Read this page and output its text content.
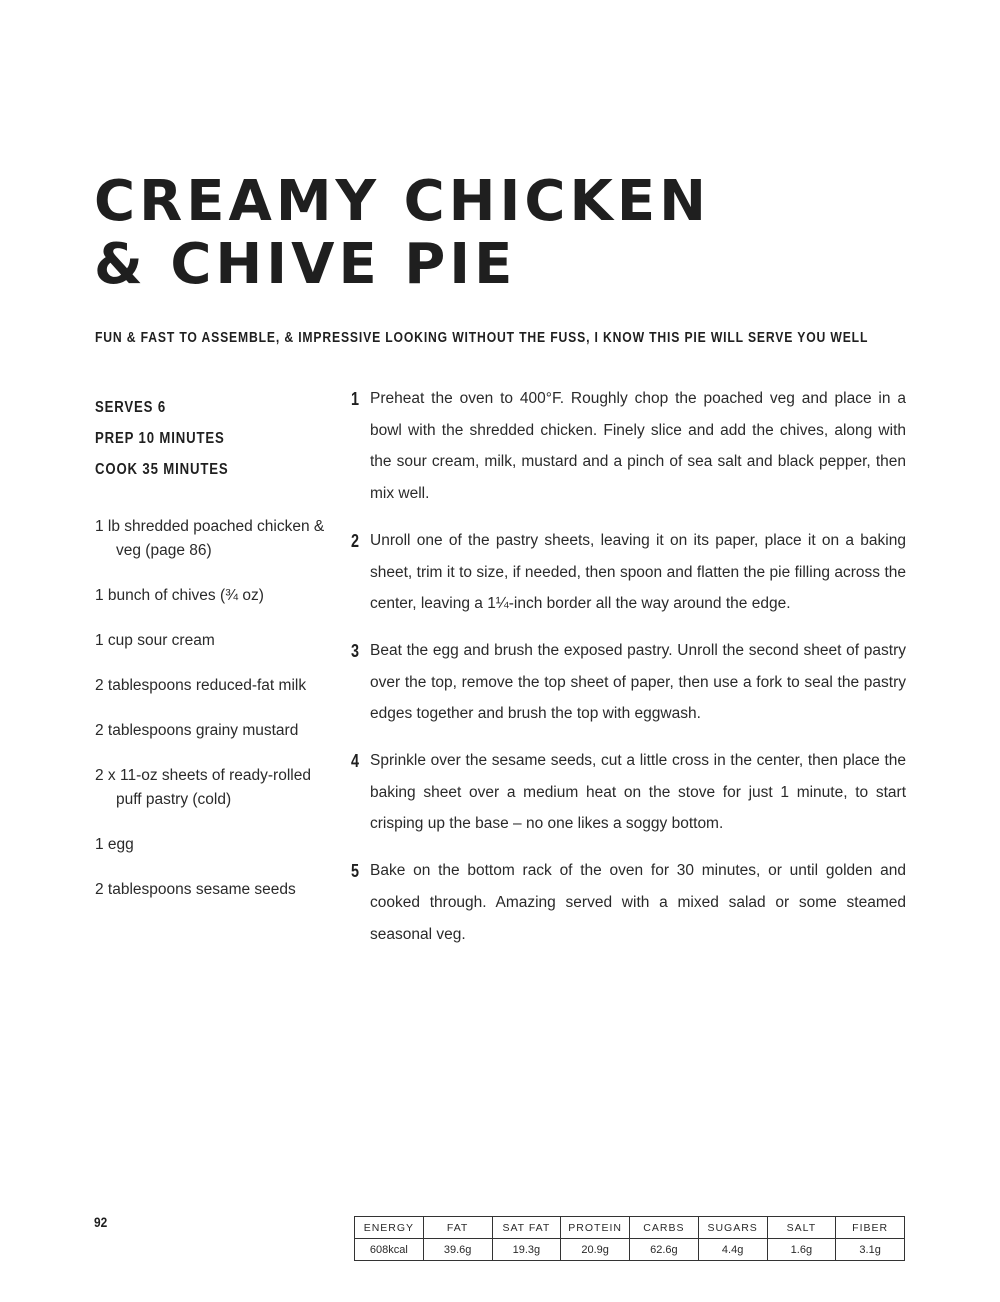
CREAMY CHICKEN
& CHIVE PIE

FUN & FAST TO ASSEMBLE, & IMPRESSIVE LOOKING WITHOUT THE FUSS, I KNOW THIS PIE WILL SERVE YOU WELL

SERVES 6
PREP 10 MINUTES
COOK 35 MINUTES
1 lb shredded poached chicken & veg (page 86)
1 bunch of chives (¾ oz)
1 cup sour cream
2 tablespoons reduced-fat milk
2 tablespoons grainy mustard
2 x 11-oz sheets of ready-rolled puff pastry (cold)
1 egg
2 tablespoons sesame seeds
1 Preheat the oven to 400°F. Roughly chop the poached veg and place in a bowl with the shredded chicken. Finely slice and add the chives, along with the sour cream, milk, mustard and a pinch of sea salt and black pepper, then mix well.
2 Unroll one of the pastry sheets, leaving it on its paper, place it on a baking sheet, trim it to size, if needed, then spoon and flatten the pie filling across the center, leaving a 1¼-inch border all the way around the edge.
3 Beat the egg and brush the exposed pastry. Unroll the second sheet of pastry over the top, remove the top sheet of paper, then use a fork to seal the pastry edges together and brush the top with eggwash.
4 Sprinkle over the sesame seeds, cut a little cross in the center, then place the baking sheet over a medium heat on the stove for just 1 minute, to start crisping up the base – no one likes a soggy bottom.
5 Bake on the bottom rack of the oven for 30 minutes, or until golden and cooked through. Amazing served with a mixed salad or some steamed seasonal veg.
92	ENERGY	FAT	SAT FAT	PROTEIN	CARBS	SUGARS	SALT	FIBER
608kcal	39.6g	19.3g	20.9g	62.6g	4.4g	1.6g	3.1g
